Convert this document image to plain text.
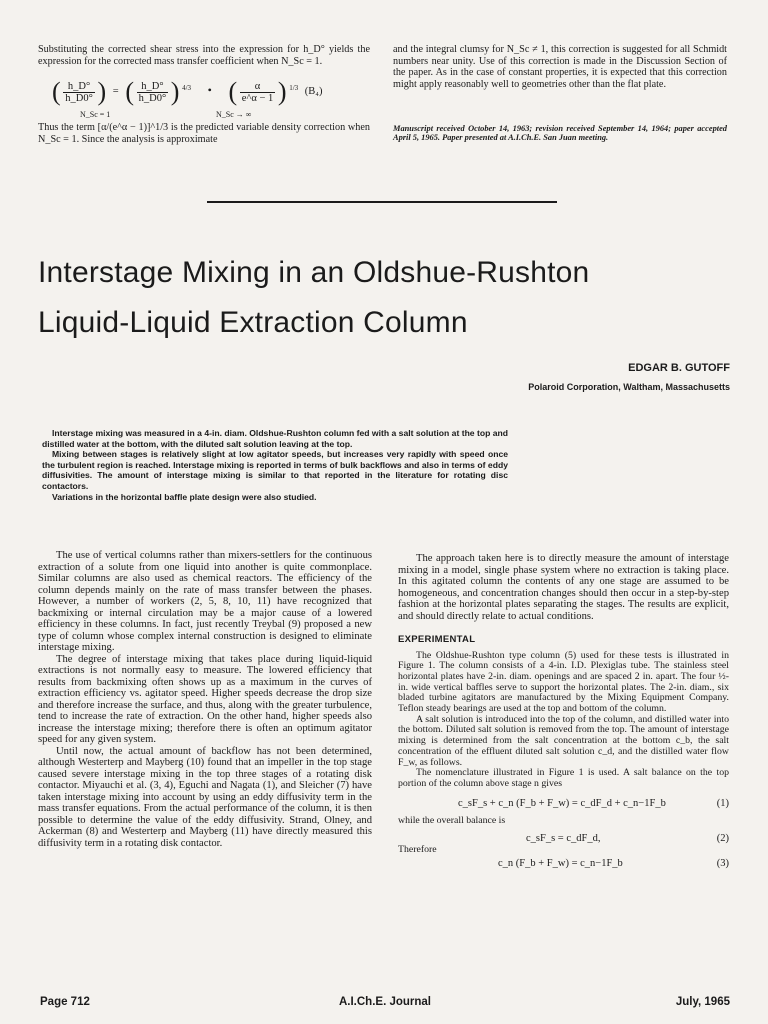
Substituting the corrected shear stress into the expression for h_D° yields the expression for the corrected mass transfer coefficient when N_Sc = 1.
( $\frac{h\_D^\circ}{h\_D0^\circ}$ ) = ( $\frac{h\_D^\circ}{h\_D0^\circ}$ ) $^{4/3}$ • ( $\frac{\alpha}{e\^{}\alpha - 1}$ ) $^{1/3}$ (B₄)
N_Sc = 1	N_Sc → ∞
Thus the term [α/(e^α − 1)]^1/3 is the predicted variable density correction when N_Sc = 1. Since the analysis is approximate
and the integral clumsy for N_Sc ≠ 1, this correction is suggested for all Schmidt numbers near unity. Use of this correction is made in the Discussion Section of the paper. As in the case of constant properties, it is expected that this correction might apply reasonably well to geometries other than the flat plate.
Manuscript received October 14, 1963; revision received September 14, 1964; paper accepted April 5, 1965. Paper presented at A.I.Ch.E. San Juan meeting.
Interstage Mixing in an Oldshue-Rushton
Liquid-Liquid Extraction Column
EDGAR B. GUTOFF
Polaroid Corporation, Waltham, Massachusetts

Interstage mixing was measured in a 4-in. diam. Oldshue-Rushton column fed with a salt solution at the top and distilled water at the bottom, with the diluted salt solution leaving at the top.

Mixing between stages is relatively slight at low agitator speeds, but increases very rapidly with speed once the turbulent region is reached. Interstage mixing is reported in terms of bulk backflows and also in terms of eddy diffusivities. The amount of interstage mixing is similar to that reported in the literature for rotating disc contactors.

Variations in the horizontal baffle plate design were also studied.

The use of vertical columns rather than mixers-settlers for the continuous extraction of a solute from one liquid into another is quite commonplace. Similar columns are also used as chemical reactors. The efficiency of the column depends mainly on the rate of mass transfer between the phases. However, a number of workers (2, 5, 8, 10, 11) have recognized that backmixing or internal circulation may be a major cause of a lowered efficiency in these columns. In fact, just recently Treybal (9) proposed a new type of column whose complex internal construction is designed to eliminate interstage mixing.

The degree of interstage mixing that takes place during liquid-liquid extractions is not normally easy to measure. The lowered efficiency that results from backmixing often shows up as a maximum in the curves of extraction efficiency vs. agitator speed. Higher speeds decrease the drop size and therefore increase the surface, and thus, along with the greater turbulence, tend to increase the rate of extraction. On the other hand, higher speeds also increase the interstage mixing; therefore there is often an optimum agitator speed for any given system.

Until now, the actual amount of backflow has not been determined, although Westerterp and Mayberg (10) found that an impeller in the top stage caused severe interstage mixing in the top three stages of a rotating disk contactor. Miyauchi et al. (3, 4), Eguchi and Nagata (1), and Sleicher (7) have taken interstage mixing into account by using an eddy diffusivity term in the mass transfer equations. From the actual performance of the column, it is then possible to determine the value of the eddy diffusivity. Strand, Olney, and Ackerman (8) and Westerterp and Mayberg (11) have directly measured this diffusivity term in a rotating disk contactor.

The approach taken here is to directly measure the amount of interstage mixing in a model, single phase system where no extraction is taking place. In this agitated column the contents of any one stage are assumed to be homogeneous, and concentration changes should then occur in a step-by-step fashion at the horizontal plates separating the stages. The results are explicit, and should directly relate to actual conditions.

EXPERIMENTAL

The Oldshue-Rushton type column (5) used for these tests is illustrated in Figure 1. The column consists of a 4-in. I.D. Plexiglas tube. The stainless steel horizontal plates have 2-in. diam. openings and are spaced 2 in. apart. The four ½-in. wide vertical baffles serve to support the horizontal plates. The 2-in. diam., six bladed turbine agitators are manufactured by the Mixing Equipment Company. Teflon steady bearings are used at the top and bottom of the column.

A salt solution is introduced into the top of the column, and distilled water into the bottom. Diluted salt solution is removed from the top. The amount of interstage mixing is determined from the salt concentration at the bottom c_b, the salt concentration of the effluent diluted salt solution c_d, and the distilled water flow F_w, as follows.

The nomenclature illustrated in Figure 1 is used. A salt balance on the top portion of the column above stage n gives

c_sF_s + c_n (F_b + F_w) = c_dF_d + c_n−1F_b	(1)
while the overall balance is
c_sF_s = c_dF_d,	(2)
Therefore
c_n (F_b + F_w) = c_n−1F_b	(3)
Page 712	A.I.Ch.E. Journal	July, 1965
